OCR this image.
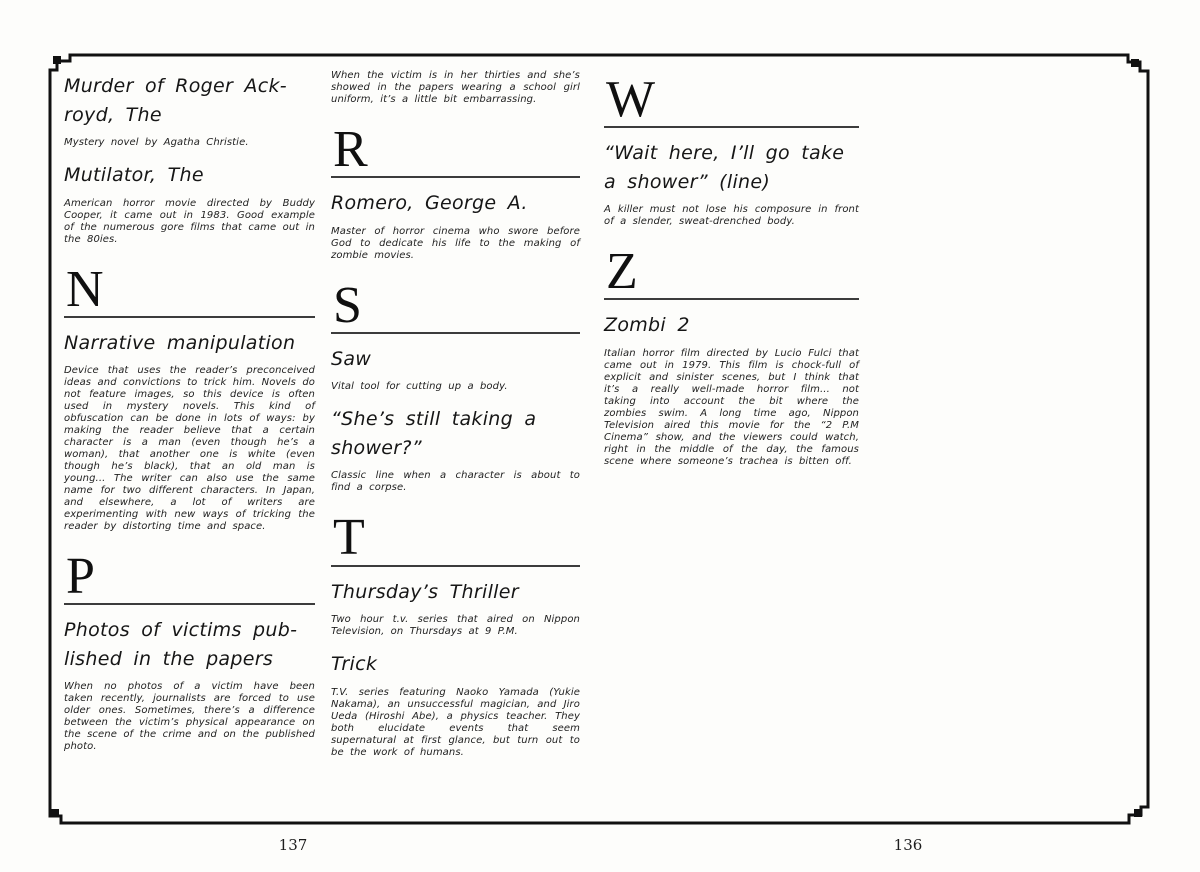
Murder of Roger Ack-royd, The

Mystery novel by Agatha Christie.

Mutilator, The

American horror movie directed by Buddy Cooper, it came out in 1983. Good example of the numerous gore films that came out in the 80ies.

N
Narrative manipulation

Device that uses the reader’s preconceived ideas and convictions to trick him. Novels do not feature images, so this device is often used in mystery novels. This kind of obfuscation can be done in lots of ways: by making the reader believe that a certain character is a man (even though he’s a woman), that another one is white (even though he’s black), that an old man is young... The writer can also use the same name for two different characters. In Japan, and elsewhere, a lot of writers are experimenting with new ways of tricking the reader by distorting time and space.

P
Photos of victims pub-lished in the papers

When no photos of a victim have been taken recently, journalists are forced to use older ones. Sometimes, there’s a difference between the victim’s physical appearance on the scene of the crime and on the published photo.

When the victim is in her thirties and she’s showed in the papers wearing a school girl uniform, it’s a little bit embarrassing.

R
Romero, George A.

Master of horror cinema who swore before God to dedicate his life to the making of zombie movies.

S
Saw

Vital tool for cutting up a body.

“She’s still taking a shower?”

Classic line when a character is about to find a corpse.

T
Thursday’s Thriller

Two hour t.v. series that aired on Nippon Television, on Thursdays at 9 P.M.

Trick

T.V. series featuring Naoko Yamada (Yukie Nakama), an unsuccessful magician, and Jiro Ueda (Hiroshi Abe), a physics teacher. They both elucidate events that seem supernatural at first glance, but turn out to be the work of humans.

W
“Wait here, I’ll go take a shower” (line)

A killer must not lose his composure in front of a slender, sweat-drenched body.

Z
Zombi 2

Italian horror film directed by Lucio Fulci that came out in 1979. This film is chock-full of explicit and sinister scenes, but I think that it’s a really well-made horror film... not taking into account the bit where the zombies swim. A long time ago, Nippon Television aired this movie for the “2 P.M Cinema” show, and the viewers could watch, right in the middle of the day, the famous scene where someone’s trachea is bitten off.

137	136
